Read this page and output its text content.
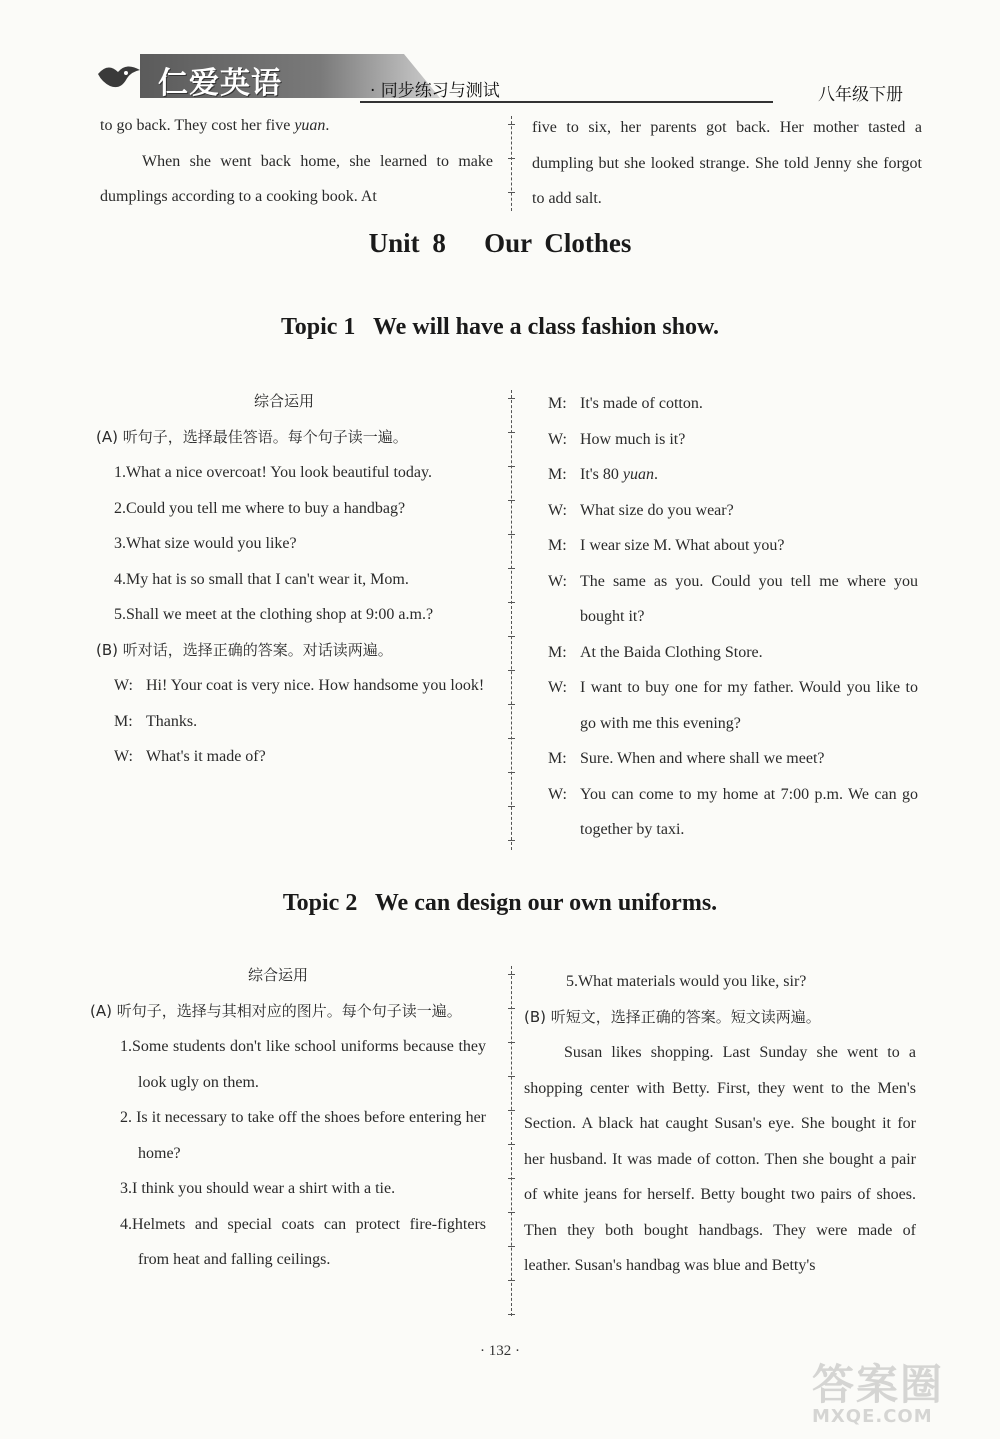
仁爱英语	· 同步练习与测试	八年级下册

to go back. They cost her five yuan.

When she went back home, she learned to make dumplings according to a cooking book. At

five to six, her parents got back. Her mother tasted a dumpling but she looked strange. She told Jenny she forgot to add salt.

Unit 8   Our Clothes
Topic 1   We will have a class fashion show.

综合运用

(A) 听句子，选择最佳答语。每个句子读一遍。

1.What a nice overcoat! You look beautiful today.

2.Could you tell me where to buy a handbag?

3.What size would you like?

4.My hat is so small that I can't wear it, Mom.

5.Shall we meet at the clothing shop at 9:00 a.m.?

(B) 听对话，选择正确的答案。对话读两遍。

W: Hi! Your coat is very nice. How handsome you look!
M: Thanks.
W: What's it made of?
M: It's made of cotton.
W: How much is it?
M: It's 80 yuan.
W: What size do you wear?
M: I wear size M. What about you?
W: The same as you. Could you tell me where you bought it?
M: At the Baida Clothing Store.
W: I want to buy one for my father. Would you like to go with me this evening?
M: Sure. When and where shall we meet?
W: You can come to my home at 7:00 p.m. We can go together by taxi.
Topic 2   We can design our own uniforms.

综合运用

(A) 听句子，选择与其相对应的图片。每个句子读一遍。

1.Some students don't like school uniforms because they look ugly on them.

2. Is it necessary to take off the shoes before entering her home?

3.I think you should wear a shirt with a tie.

4.Helmets and special coats can protect fire-fighters from heat and falling ceilings.

5.What materials would you like, sir?

(B) 听短文，选择正确的答案。短文读两遍。

Susan likes shopping. Last Sunday she went to a shopping center with Betty. First, they went to the Men's Section. A black hat caught Susan's eye. She bought it for her husband. It was made of cotton. Then she bought a pair of white jeans for herself. Betty bought two pairs of shoes. Then they both bought handbags. They were made of leather. Susan's handbag was blue and Betty's

· 132 ·
答案圈
MXQE.COM
